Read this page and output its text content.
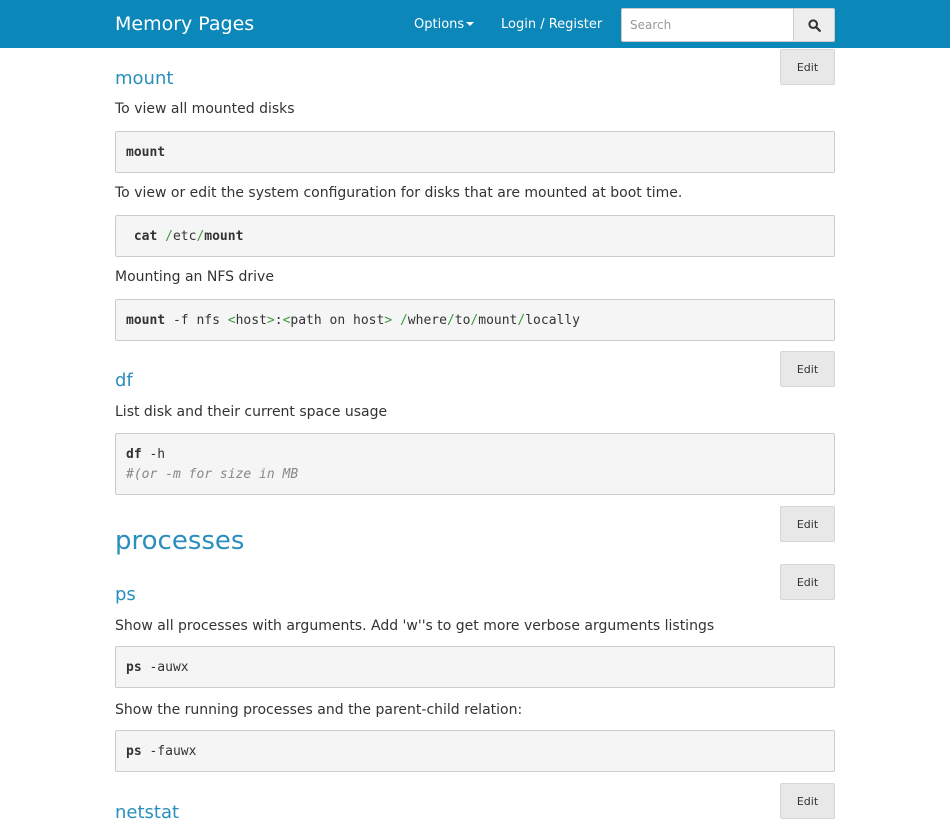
Memory Pages	Options	Login / Register
Search
Edit
mount

To view all mounted disks

mount

To view or edit the system configuration for disks that are mounted at boot time.

cat /etc/mount

Mounting an NFS drive

mount -f nfs <host>:<path on host> /where/to/mount/locally
Edit
df

List disk and their current space usage

df -h
#(or -m for size in MB
Edit
processes
Edit
ps

Show all processes with arguments. Add 'w''s to get more verbose arguments listings

ps -auwx

Show the running processes and the parent-child relation:

ps -fauwx
Edit
netstat
